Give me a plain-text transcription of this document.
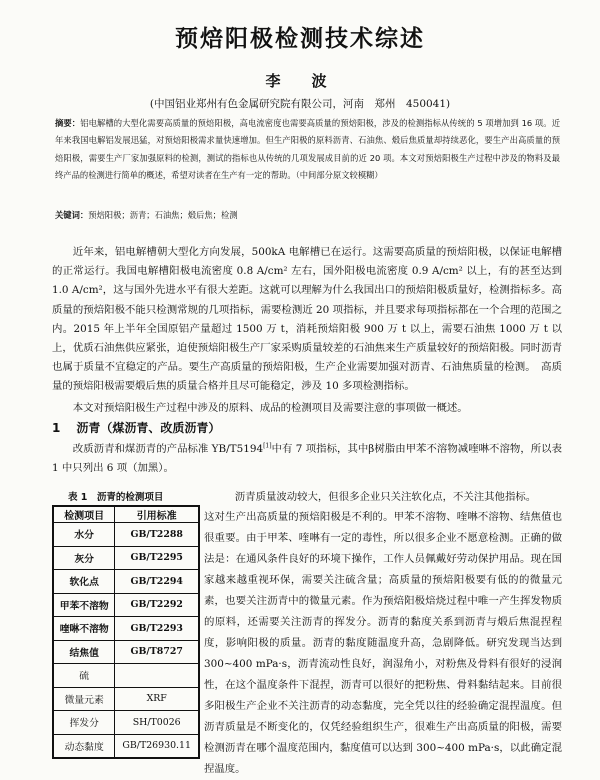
预焙阳极检测技术综述
李　波
(中国铝业郑州有色金属研究院有限公司，河南　郑州　450041)
摘要：铝电解槽的大型化需要高质量的预焙阳极，高电流密度也需要高质量的预焙阳极，涉及的检测指标从传统的 5 项增加到 16 项。近年来我国电解铝发展迅猛，对预焙阳极需求量快速增加。但生产阳极的原料沥青、石油焦、煅后焦质量却持续恶化，要生产出高质量的预焙阳极，需要生产厂家加强原料的检测，测试的指标也从传统的几项发展成目前的近 20 项。本文对预焙阳极生产过程中涉及的物料及最终产品的检测进行简单的概述，希望对读者在生产有一定的帮助。（中间部分原文较模糊）
关键词：预焙阳极；沥青；石油焦；煅后焦；检测

近年来，铝电解槽朝大型化方向发展，500kA 电解槽已在运行。这需要高质量的预焙阳极，以保证电解槽的正常运行。我国电解槽阳极电流密度 0.8 A/cm² 左右，国外阳极电流密度 0.9 A/cm² 以上，有的甚至达到 1.0 A/cm²，这与国外先进水平有很大差距。这就可以理解为什么我国出口的预焙阳极质量好，检测指标多。高质量的预焙阳极不能只检测常规的几项指标，需要检测近 20 项指标，并且要求每项指标都在一个合理的范围之内。2015 年上半年全国原铝产量超过 1500 万 t，消耗预焙阳极 900 万 t 以上，需要石油焦 1000 万 t 以上，优质石油焦供应紧张，迫使预焙阳极生产厂家采购质量较差的石油焦来生产质量较好的预焙阳极。同时沥青也属于质量不宜稳定的产品。要生产高质量的预焙阳极，生产企业需要加强对沥青、石油焦质量的检测。　高质量的预焙阳极需要煅后焦的质量合格并且尽可能稳定，涉及 10 多项检测指标。

本文对预焙阳极生产过程中涉及的原料、成品的检测项目及需要注意的事项做一概述。

1 沥青（煤沥青、改质沥青）

改质沥青和煤沥青的产品标准 YB/T5194[1]中有 7 项指标，其中β树脂由甲苯不溶物减喹啉不溶物，所以表 1 中只列出 6 项（加黑）。

表 1　沥青的检测项目
检测项目	引用标准
水分	GB/T2288
灰分	GB/T2295
软化点	GB/T2294
甲苯不溶物	GB/T2292
喹啉不溶物	GB/T2293
结焦值	GB/T8727
硫	
微量元素	XRF
挥发分	SH/T0026
动态黏度	GB/T26930.11
沥青质量波动较大，但很多企业只关注软化点，不关注其他指标。

这对生产出高质量的预焙阳极是不利的。甲苯不溶物、喹啉不溶物、结焦值也很重要。由于甲苯、喹啉有一定的毒性，所以很多企业不愿意检测。正确的做法是：在通风条件良好的环境下操作，工作人员佩戴好劳动保护用品。现在国家越来越重视环保，需要关注硫含量；高质量的预焙阳极要有低的的微量元素，也要关注沥青中的微量元素。作为预焙阳极焙烧过程中唯一产生挥发物质的原料，还需要关注沥青的挥发分。沥青的黏度关系到沥青与煅后焦混捏程度，影响阳极的质量。沥青的黏度随温度升高，急剧降低。研究发现当达到 300~400 mPa·s，沥青流动性良好，润湿角小，对粉焦及骨料有很好的浸润性，在这个温度条件下混捏，沥青可以很好的把粉焦、骨料黏结起来。目前很多阳极生产企业不关注沥青的动态黏度，完全凭以往的经验确定混捏温度。但沥青质量是不断变化的，仅凭经验组织生产，很难生产出高质量的阳极，需要检测沥青在哪个温度范围内，黏度值可以达到 300~400 mPa·s，以此确定混捏温度。
